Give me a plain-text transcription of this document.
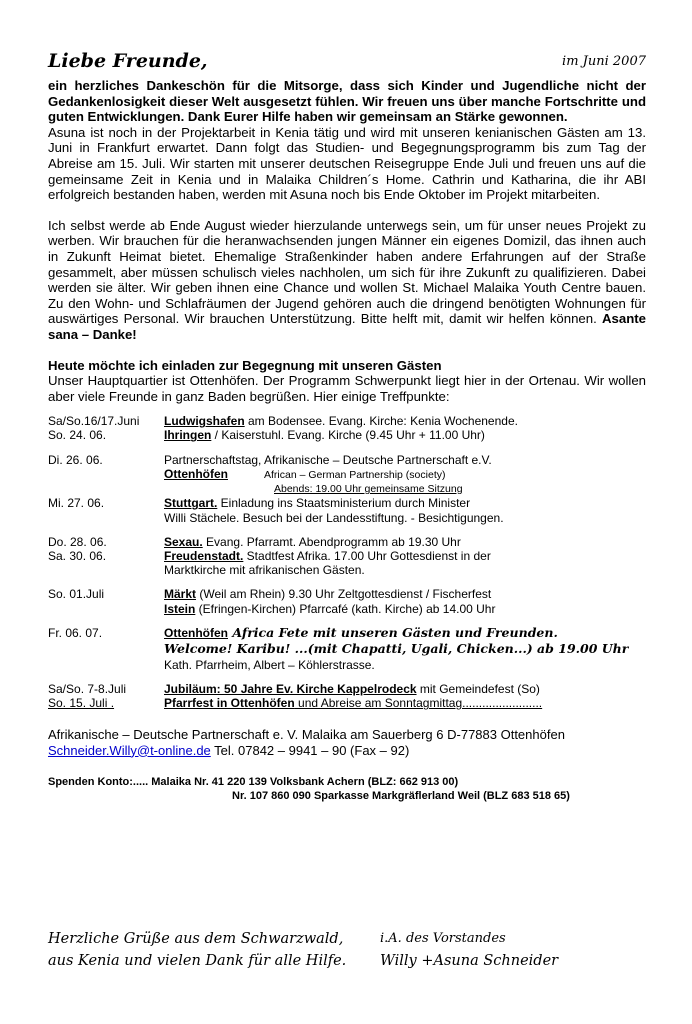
Liebe Freunde,	im Juni 2007

ein herzliches Dankeschön für die Mitsorge, dass sich Kinder und Jugendliche nicht der Gedankenlosigkeit dieser Welt ausgesetzt fühlen. Wir freuen uns über manche Fortschritte und guten Entwicklungen. Dank Eurer Hilfe haben wir gemeinsam an Stärke gewonnen.

Asuna ist noch in der Projektarbeit in Kenia tätig und wird mit unseren kenianischen Gästen am 13. Juni in Frankfurt erwartet. Dann folgt das Studien- und Begegnungsprogramm bis zum Tag der Abreise am 15. Juli. Wir starten mit unserer deutschen Reisegruppe Ende Juli und freuen uns auf die gemeinsame Zeit in Kenia und in Malaika Children´s Home. Cathrin und Katharina, die ihr ABI erfolgreich bestanden haben, werden mit Asuna noch bis Ende Oktober im Projekt mitarbeiten.

Ich selbst werde ab Ende August wieder hierzulande unterwegs sein, um für unser neues Projekt zu werben. Wir brauchen für die heranwachsenden jungen Männer ein eigenes Domizil, das ihnen auch in Zukunft Heimat bietet. Ehemalige Straßenkinder haben andere Erfahrungen auf der Straße gesammelt, aber müssen schulisch vieles nachholen, um sich für ihre Zukunft zu qualifizieren. Dabei werden sie älter. Wir geben ihnen eine Chance und wollen St. Michael Malaika Youth Centre bauen. Zu den Wohn- und Schlafräumen der Jugend gehören auch die dringend benötigten Wohnungen für auswärtiges Personal. Wir brauchen Unterstützung. Bitte helft mit, damit wir helfen können. Asante sana – Danke!

Heute möchte ich einladen zur Begegnung mit unseren Gästen

Unser Hauptquartier ist Ottenhöfen. Der Programm Schwerpunkt liegt hier in der Ortenau. Wir wollen aber viele Freunde in ganz Baden begrüßen. Hier einige Treffpunkte:

Sa/So.16/17.Juni	Ludwigshafen am Bodensee. Evang. Kirche: Kenia Wochenende.
So. 24. 06.	Ihringen / Kaiserstuhl. Evang. Kirche (9.45 Uhr + 11.00 Uhr)
Di. 26. 06.	Partnerschaftstag, Afrikanische – Deutsche Partnerschaft e.V.
Ottenhöfen	African – German Partnership (society)
Abends: 19.00 Uhr gemeinsame Sitzung
Mi. 27. 06.	Stuttgart. Einladung ins Staatsministerium durch Minister
Willi Stächele. Besuch bei der Landesstiftung. - Besichtigungen.
Do. 28. 06.	Sexau. Evang. Pfarramt. Abendprogramm ab 19.30 Uhr
Sa. 30. 06.	Freudenstadt. Stadtfest Afrika. 17.00 Uhr Gottesdienst in der
Marktkirche mit afrikanischen Gästen.
So. 01.Juli	Märkt (Weil am Rhein) 9.30 Uhr Zeltgottesdienst / Fischerfest
Istein (Efringen-Kirchen) Pfarrcafé (kath. Kirche) ab 14.00 Uhr
Fr. 06. 07.	Ottenhöfen Africa Fete mit unseren Gästen und Freunden.
Welcome! Karibu! ...(mit Chapatti, Ugali, Chicken...) ab 19.00 Uhr
Kath. Pfarrheim, Albert – Köhlerstrasse.
Sa/So. 7-8.Juli	Jubiläum: 50 Jahre Ev. Kirche Kappelrodeck mit Gemeindefest (So)
So. 15. Juli .	Pfarrfest in Ottenhöfen und Abreise am Sonntagmittag........................
Afrikanische – Deutsche Partnerschaft e. V. Malaika am Sauerberg 6 D-77883 Ottenhöfen
Schneider.Willy@t-online.de Tel. 07842 – 9941 – 90 (Fax – 92)
Spenden Konto:..... Malaika Nr. 41 220 139 Volksbank Achern (BLZ: 662 913 00)
Nr. 107 860 090 Sparkasse Markgräflerland Weil (BLZ 683 518 65)
Herzliche Grüße aus dem Schwarzwald,
aus Kenia und vielen Dank für alle Hilfe.
i.A. des Vorstandes
Willy +Asuna Schneider
